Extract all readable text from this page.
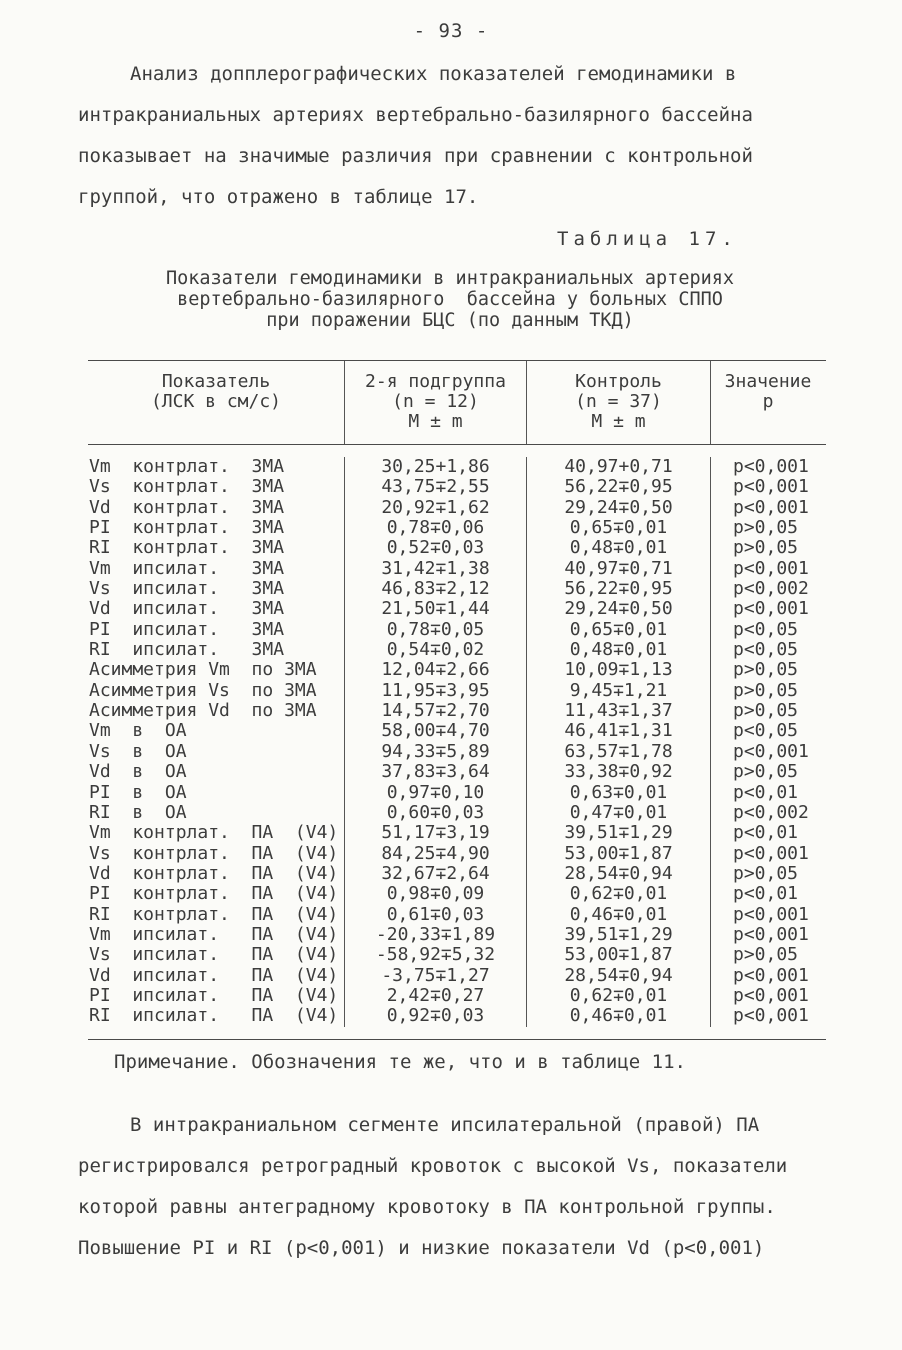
- 93 -

Анализ допплерографических показателей гемодинамики в

интракраниальных артериях вертебрально-базилярного бассейна

показывает на значимые различия при сравнении с контрольной

группой, что отражено в таблице 17.

Таблица 17.
Показатели гемодинамики в интракраниальных артериях
вертебрально-базилярного  бассейна у больных СППО
при поражении БЦС (по данным ТКД)
Показатель
(ЛСК в см/с)
2-я подгруппа
(n = 12)
M ± m
Контроль
(n = 37)
M ± m
Значение
p
Vm  контрлат.  ЗМА
Vs  контрлат.  ЗМА
Vd  контрлат.  ЗМА
PI  контрлат.  ЗМА
RI  контрлат.  ЗМА
Vm  ипсилат.   ЗМА
Vs  ипсилат.   ЗМА
Vd  ипсилат.   ЗМА
PI  ипсилат.   ЗМА
RI  ипсилат.   ЗМА
Асимметрия Vm  по ЗМА
Асимметрия Vs  по ЗМА
Асимметрия Vd  по ЗМА
Vm  в  ОА
Vs  в  ОА
Vd  в  ОА
PI  в  ОА
RI  в  ОА
Vm  контрлат.  ПА  (V4)
Vs  контрлат.  ПА  (V4)
Vd  контрлат.  ПА  (V4)
PI  контрлат.  ПА  (V4)
RI  контрлат.  ПА  (V4)
Vm  ипсилат.   ПА  (V4)
Vs  ипсилат.   ПА  (V4)
Vd  ипсилат.   ПА  (V4)
PI  ипсилат.   ПА  (V4)
RI  ипсилат.   ПА  (V4)
30,25+1,86
43,75∓2,55
20,92∓1,62
0,78∓0,06
0,52∓0,03
31,42∓1,38
46,83∓2,12
21,50∓1,44
0,78∓0,05
0,54∓0,02
12,04∓2,66
11,95∓3,95
14,57∓2,70
58,00∓4,70
94,33∓5,89
37,83∓3,64
0,97∓0,10
0,60∓0,03
51,17∓3,19
84,25∓4,90
32,67∓2,64
0,98∓0,09
0,61∓0,03
-20,33∓1,89
-58,92∓5,32
-3,75∓1,27
2,42∓0,27
0,92∓0,03
40,97+0,71
56,22∓0,95
29,24∓0,50
0,65∓0,01
0,48∓0,01
40,97∓0,71
56,22∓0,95
29,24∓0,50
0,65∓0,01
0,48∓0,01
10,09∓1,13
9,45∓1,21
11,43∓1,37
46,41∓1,31
63,57∓1,78
33,38∓0,92
0,63∓0,01
0,47∓0,01
39,51∓1,29
53,00∓1,87
28,54∓0,94
0,62∓0,01
0,46∓0,01
39,51∓1,29
53,00∓1,87
28,54∓0,94
0,62∓0,01
0,46∓0,01
p<0,001
p<0,001
p<0,001
p>0,05
p>0,05
p<0,001
p<0,002
p<0,001
p<0,05
p<0,05
p>0,05
p>0,05
p>0,05
p<0,05
p<0,001
p>0,05
p<0,01
p<0,002
p<0,01
p<0,001
p>0,05
p<0,01
p<0,001
p<0,001
p>0,05
p<0,001
p<0,001
p<0,001
Примечание. Обозначения те же, что и в таблице 11.

В интракраниальном сегменте ипсилатеральной (правой) ПА

регистрировался ретроградный кровоток с высокой Vs, показатели

которой равны антеградному кровотоку в ПА контрольной группы.

Повышение PI и RI (p<0,001) и низкие показатели Vd (p<0,001)
